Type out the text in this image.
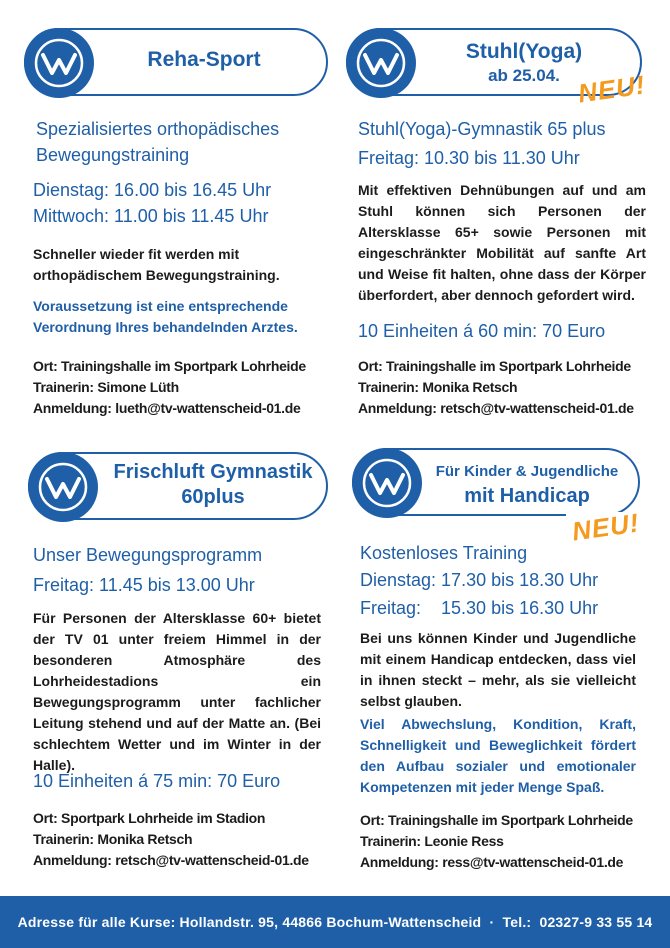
Reha-Sport
Spezialisiertes orthopädisches
Bewegungstraining
Dienstag: 16.00 bis 16.45 Uhr
Mittwoch: 11.00 bis 11.45 Uhr
Schneller wieder fit werden mit
orthopädischem Bewegungstraining.
Voraussetzung ist eine entsprechende
Verordnung Ihres behandelnden Arztes.
Ort: Trainingshalle im Sportpark Lohrheide
Trainerin: Simone Lüth
Anmeldung: lueth@tv-wattenscheid-01.de
Stuhl(Yoga)
ab 25.04. NEU!
Stuhl(Yoga)-Gymnastik 65 plus
Freitag: 10.30 bis 11.30 Uhr
Mit effektiven Dehnübungen auf und am Stuhl können sich Personen der Altersklasse 65+ sowie Personen mit eingeschränkter Mobilität auf sanfte Art und Weise fit halten, ohne dass der Körper überfordert, aber dennoch gefordert wird.
10 Einheiten á 60 min: 70 Euro
Ort: Trainingshalle im Sportpark Lohrheide
Trainerin: Monika Retsch
Anmeldung: retsch@tv-wattenscheid-01.de
Frischluft Gymnastik
60plus
Unser Bewegungsprogramm
Freitag: 11.45 bis 13.00 Uhr
Für Personen der Altersklasse 60+ bietet der TV 01 unter freiem Himmel in der besonderen Atmosphäre des Lohrheidestadions ein Bewegungsprogramm unter fachlicher Leitung stehend und auf der Matte an. (Bei schlechtem Wetter und im Winter in der Halle).
10 Einheiten á 75 min: 70 Euro
Ort: Sportpark Lohrheide im Stadion
Trainerin: Monika Retsch
Anmeldung: retsch@tv-wattenscheid-01.de
Für Kinder & Jugendliche
mit Handicap
NEU!
Kostenloses Training
Dienstag: 17.30 bis 18.30 Uhr
Freitag:    15.30 bis 16.30 Uhr
Bei uns können Kinder und Jugendliche mit einem Handicap entdecken, dass viel in ihnen steckt – mehr, als sie vielleicht selbst glauben.
Viel Abwechslung, Kondition, Kraft, Schnelligkeit und Beweglichkeit fördert den Aufbau sozialer und emotionaler Kompetenzen mit jeder Menge Spaß.
Ort: Trainingshalle im Sportpark Lohrheide
Trainerin: Leonie Ress
Anmeldung: ress@tv-wattenscheid-01.de
Adresse für alle Kurse: Hollandstr. 95, 44866 Bochum-Wattenscheid  ·  Tel.:  02327-9 33 55 14
